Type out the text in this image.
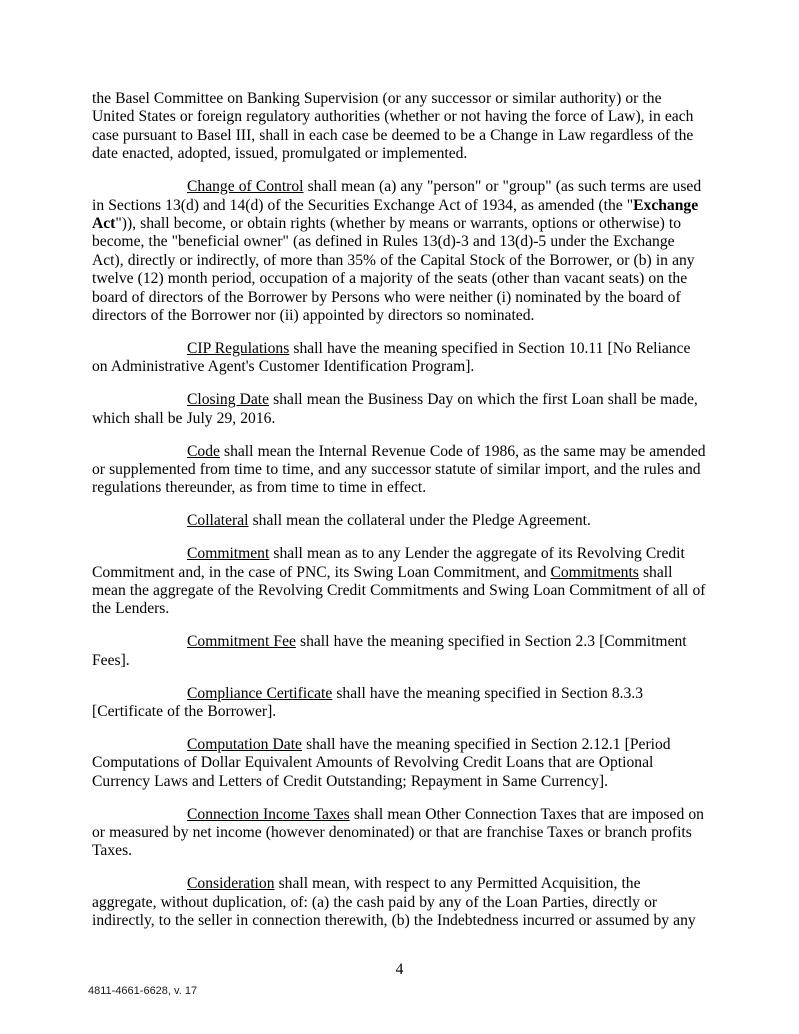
the Basel Committee on Banking Supervision (or any successor or similar authority) or the United States or foreign regulatory authorities (whether or not having the force of Law), in each case pursuant to Basel III, shall in each case be deemed to be a Change in Law regardless of the date enacted, adopted, issued, promulgated or implemented.

Change of Control shall mean (a) any "person" or "group" (as such terms are used in Sections 13(d) and 14(d) of the Securities Exchange Act of 1934, as amended (the "Exchange Act")), shall become, or obtain rights (whether by means or warrants, options or otherwise) to become, the "beneficial owner" (as defined in Rules 13(d)-3 and 13(d)-5 under the Exchange Act), directly or indirectly, of more than 35% of the Capital Stock of the Borrower, or (b) in any twelve (12) month period, occupation of a majority of the seats (other than vacant seats) on the board of directors of the Borrower by Persons who were neither (i) nominated by the board of directors of the Borrower nor (ii) appointed by directors so nominated.

CIP Regulations shall have the meaning specified in Section 10.11 [No Reliance on Administrative Agent's Customer Identification Program].

Closing Date shall mean the Business Day on which the first Loan shall be made, which shall be July 29, 2016.

Code shall mean the Internal Revenue Code of 1986, as the same may be amended or supplemented from time to time, and any successor statute of similar import, and the rules and regulations thereunder, as from time to time in effect.

Collateral shall mean the collateral under the Pledge Agreement.

Commitment shall mean as to any Lender the aggregate of its Revolving Credit Commitment and, in the case of PNC, its Swing Loan Commitment, and Commitments shall mean the aggregate of the Revolving Credit Commitments and Swing Loan Commitment of all of the Lenders.

Commitment Fee shall have the meaning specified in Section 2.3 [Commitment Fees].

Compliance Certificate shall have the meaning specified in Section 8.3.3 [Certificate of the Borrower].

Computation Date shall have the meaning specified in Section 2.12.1 [Period Computations of Dollar Equivalent Amounts of Revolving Credit Loans that are Optional Currency Laws and Letters of Credit Outstanding; Repayment in Same Currency].

Connection Income Taxes shall mean Other Connection Taxes that are imposed on or measured by net income (however denominated) or that are franchise Taxes or branch profits Taxes.

Consideration shall mean, with respect to any Permitted Acquisition, the aggregate, without duplication, of: (a) the cash paid by any of the Loan Parties, directly or indirectly, to the seller in connection therewith, (b) the Indebtedness incurred or assumed by any

4
4811-4661-6628, v. 17
